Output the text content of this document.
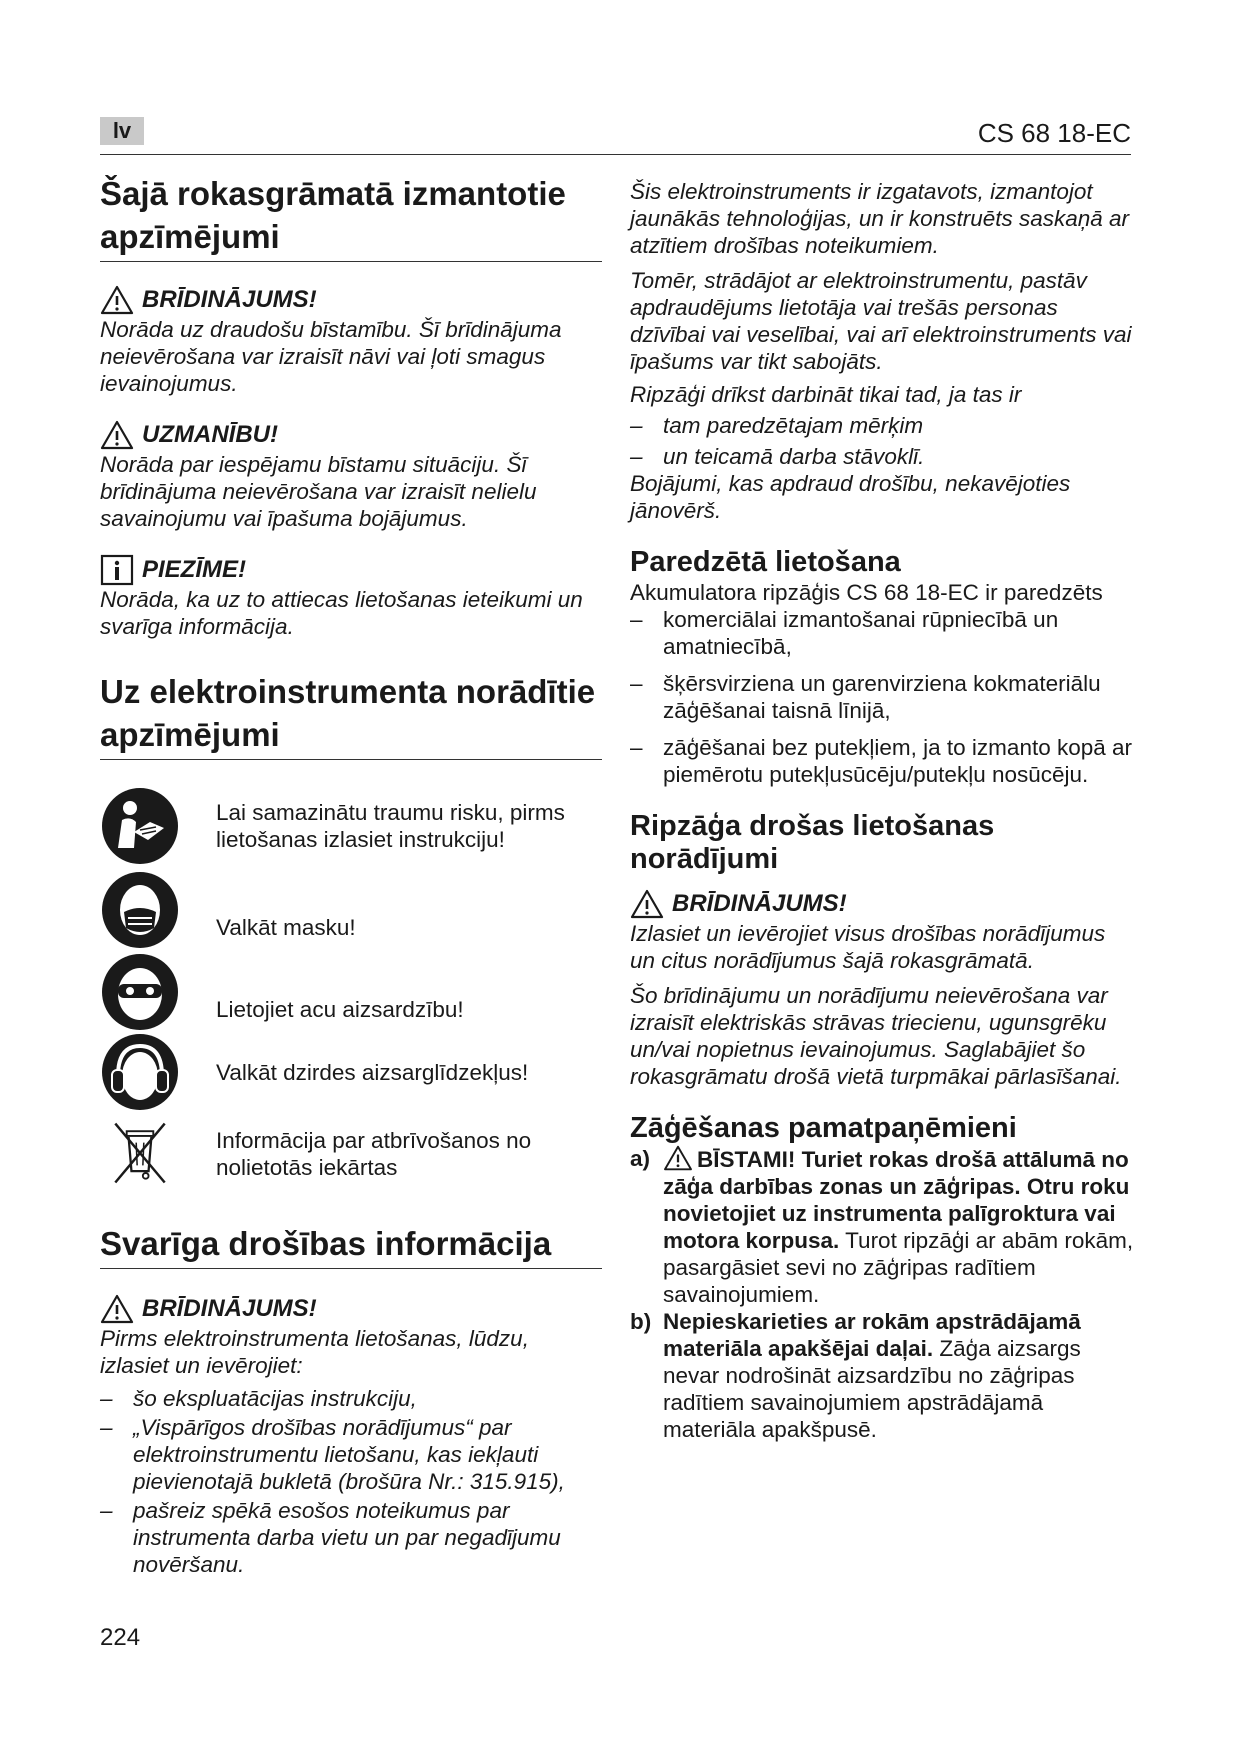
lv	CS 68 18-EC
Šajā rokasgrāmatā izmantotie apzīmējumi
BRĪDINĀJUMS!

Norāda uz draudošu bīstamību. Šī brīdinājuma neievērošana var izraisīt nāvi vai ļoti smagus ievainojumus.

UZMANĪBU!

Norāda par iespējamu bīstamu situāciju. Šī brīdinājuma neievērošana var izraisīt nelielu savainojumu vai īpašuma bojājumus.

PIEZĪME!

Norāda, ka uz to attiecas lietošanas ieteikumi un svarīga informācija.

Uz elektroinstrumenta norādītie apzīmējumi
Lai samazinātu traumu risku, pirms lietošanas izlasiet instrukciju!
Valkāt masku!
Lietojiet acu aizsardzību!
Valkāt dzirdes aizsarglīdzekļus!
Informācija par atbrīvošanos no nolietotās iekārtas
Svarīga drošības informācija
BRĪDINĀJUMS!

Pirms elektroinstrumenta lietošanas, lūdzu, izlasiet un ievērojiet:

– šo ekspluatācijas instrukciju,
– „Vispārīgos drošības norādījumus“ par elektroinstrumentu lietošanu, kas iekļauti pievienotajā bukletā (brošūra Nr.: 315.915),
– pašreiz spēkā esošos noteikumus par instrumenta darba vietu un par negadījumu novēršanu.

Šis elektroinstruments ir izgatavots, izmantojot jaunākās tehnoloģijas, un ir konstruēts saskaņā ar atzītiem drošības noteikumiem.

Tomēr, strādājot ar elektroinstrumentu, pastāv apdraudējums lietotāja vai trešās personas dzīvībai vai veselībai, vai arī elektroinstruments vai īpašums var tikt sabojāts.

Ripzāģi drīkst darbināt tikai tad, ja tas ir

– tam paredzētajam mērķim
– un teicamā darba stāvoklī.

Bojājumi, kas apdraud drošību, nekavējoties jānovērš.

Paredzētā lietošana

Akumulatora ripzāģis CS 68 18-EC ir paredzēts

– komerciālai izmantošanai rūpniecībā un amatniecībā,
– šķērsvirziena un garenvirziena kokmateriālu zāģēšanai taisnā līnijā,
– zāģēšanai bez putekļiem, ja to izmanto kopā ar piemērotu putekļusūcēju/putekļu nosūcēju.
Ripzāģa drošas lietošanas norādījumi
BRĪDINĀJUMS!

Izlasiet un ievērojiet visus drošības norādījumus un citus norādījumus šajā rokasgrāmatā.

Šo brīdinājumu un norādījumu neievērošana var izraisīt elektriskās strāvas triecienu, ugunsgrēku un/vai nopietnus ievainojumus. Saglabājiet šo rokasgrāmatu drošā vietā turpmākai pārlasīšanai.

Zāģēšanas pamatpaņēmieni
a) BĪSTAMI! Turiet rokas drošā attālumā no zāģa darbības zonas un zāģripas. Otru roku novietojiet uz instrumenta palīgroktura vai motora korpusa. Turot ripzāģi ar abām rokām, pasargāsiet sevi no zāģripas radītiem savainojumiem.
b) Nepieskarieties ar rokām apstrādājamā materiāla apakšējai daļai. Zāģa aizsargs nevar nodrošināt aizsardzību no zāģripas radītiem savainojumiem apstrādājamā materiāla apakšpusē.
224
